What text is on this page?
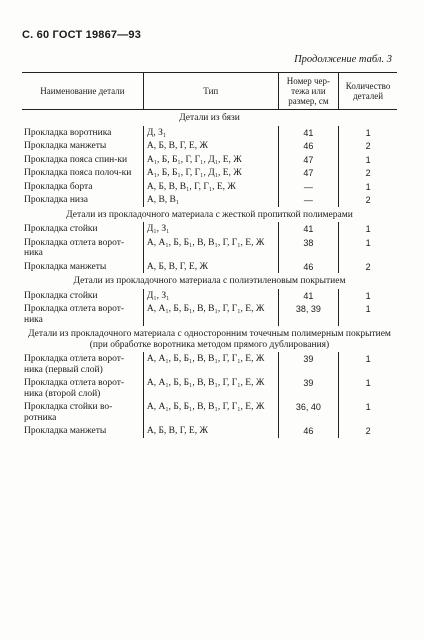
С. 60 ГОСТ 19867—93
Продолжение табл. 3
Наименование детали	Тип	Номер чер-тежа или размер, см	Количество деталей
Детали из бязи			
Прокладка воротника	Д, З₁	41	1
Прокладка манжеты	А, Б, В, Г, Е, Ж	46	2
Прокладка пояса спин-ки	А₁, Б, Б₁, Г, Г₁, Д₁, Е, Ж	47	1
Прокладка пояса полоч-ки	А₁, Б, Б₁, Г, Г₁, Д₁, Е, Ж	47	2
Прокладка борта	А, Б, В, В₁, Г, Г₁, Е, Ж	—	1
Прокладка низа	А, В, В₁	—	2
Детали из прокладочного материала с жесткой пропиткой полимерами			
Прокладка стойки	Д₁, З₁	41	1
Прокладка отлета ворот-ника	А, А₁, Б, Б₁, В, В₁, Г, Г₁, Е, Ж	38	1
Прокладка манжеты	А, Б, В, Г, Е, Ж	46	2
Детали из прокладочного материала с полиэтиленовым покрытием			
Прокладка стойки	Д₁, З₁	41	1
Прокладка отлета ворот-ника	А, А₁, Б, Б₁, В, В₁, Г, Г₁, Е, Ж	38, 39	1
Детали из прокладочного материала с односторонним точечным полимерным покрытием (при обработке воротника методом прямого дублирования)			
Прокладка отлета ворот-ника (первый слой)	А, А₁, Б, Б₁, В, В₁, Г, Г₁, Е, Ж	39	1
Прокладка отлета ворот-ника (второй слой)	А, А₁, Б, Б₁, В, В₁, Г, Г₁, Е, Ж	39	1
Прокладка стойки во-ротника	А, А₁, Б, Б₁, В, В₁, Г, Г₁, Е, Ж	36, 40	1
Прокладка манжеты	А, Б, В, Г, Е, Ж	46	2
